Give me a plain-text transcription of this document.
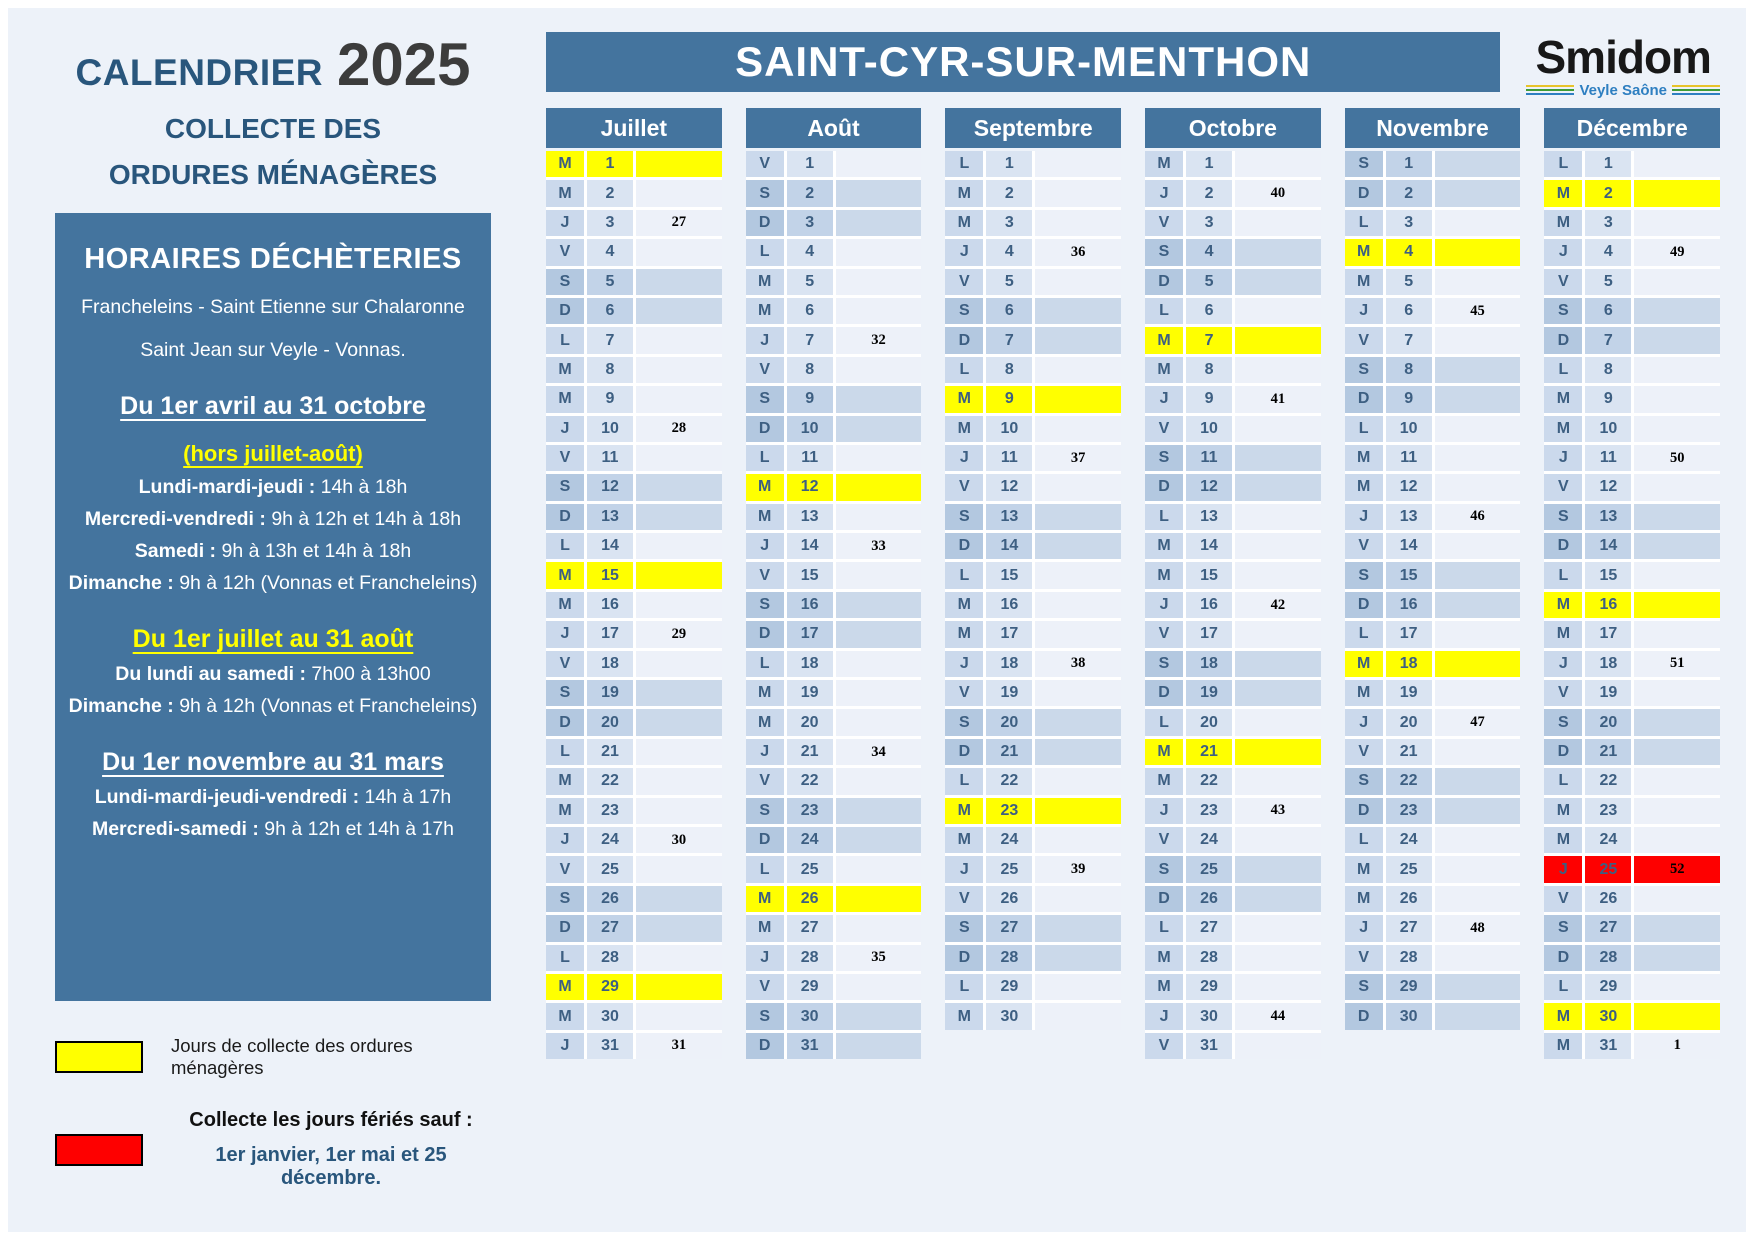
CALENDRIER 2025
COLLECTE DES
ORDURES MÉNAGÈRES
HORAIRES DÉCHÈTERIES
Francheleins - Saint Etienne sur Chalaronne
Saint Jean sur Veyle - Vonnas.
Du 1er avril au 31 octobre
(hors juillet-août)
Lundi-mardi-jeudi : 14h à 18h
Mercredi-vendredi : 9h à 12h et 14h à 18h
Samedi : 9h à 13h et 14h à 18h
Dimanche : 9h à 12h (Vonnas et Francheleins)
Du 1er juillet au 31 août
Du lundi au samedi : 7h00 à 13h00
Dimanche : 9h à 12h (Vonnas et Francheleins)
Du 1er novembre au 31 mars
Lundi-mardi-jeudi-vendredi : 14h à 17h
Mercredi-samedi : 9h à 12h et 14h à 17h
Jours de collecte des ordures ménagères
Collecte les jours fériés sauf :
1er janvier, 1er mai et 25 décembre.
SAINT-CYR-SUR-MENTHON	Smidom
Veyle Saône
Juillet
M	1
M	2
J	3	27
V	4
S	5
D	6
L	7
M	8
M	9
J	10	28
V	11
S	12
D	13
L	14
M	15
M	16
J	17	29
V	18
S	19
D	20
L	21
M	22
M	23
J	24	30
V	25
S	26
D	27
L	28
M	29
M	30
J	31	31
Août
V	1
S	2
D	3
L	4
M	5
M	6
J	7	32
V	8
S	9
D	10
L	11
M	12
M	13
J	14	33
V	15
S	16
D	17
L	18
M	19
M	20
J	21	34
V	22
S	23
D	24
L	25
M	26
M	27
J	28	35
V	29
S	30
D	31
Septembre
L	1
M	2
M	3
J	4	36
V	5
S	6
D	7
L	8
M	9
M	10
J	11	37
V	12
S	13
D	14
L	15
M	16
M	17
J	18	38
V	19
S	20
D	21
L	22
M	23
M	24
J	25	39
V	26
S	27
D	28
L	29
M	30
Octobre
M	1
J	2	40
V	3
S	4
D	5
L	6
M	7
M	8
J	9	41
V	10
S	11
D	12
L	13
M	14
M	15
J	16	42
V	17
S	18
D	19
L	20
M	21
M	22
J	23	43
V	24
S	25
D	26
L	27
M	28
M	29
J	30	44
V	31
Novembre
S	1
D	2
L	3
M	4
M	5
J	6	45
V	7
S	8
D	9
L	10
M	11
M	12
J	13	46
V	14
S	15
D	16
L	17
M	18
M	19
J	20	47
V	21
S	22
D	23
L	24
M	25
M	26
J	27	48
V	28
S	29
D	30
Décembre
L	1
M	2
M	3
J	4	49
V	5
S	6
D	7
L	8
M	9
M	10
J	11	50
V	12
S	13
D	14
L	15
M	16
M	17
J	18	51
V	19
S	20
D	21
L	22
M	23
M	24
J	25	52
V	26
S	27
D	28
L	29
M	30
M	31	1
